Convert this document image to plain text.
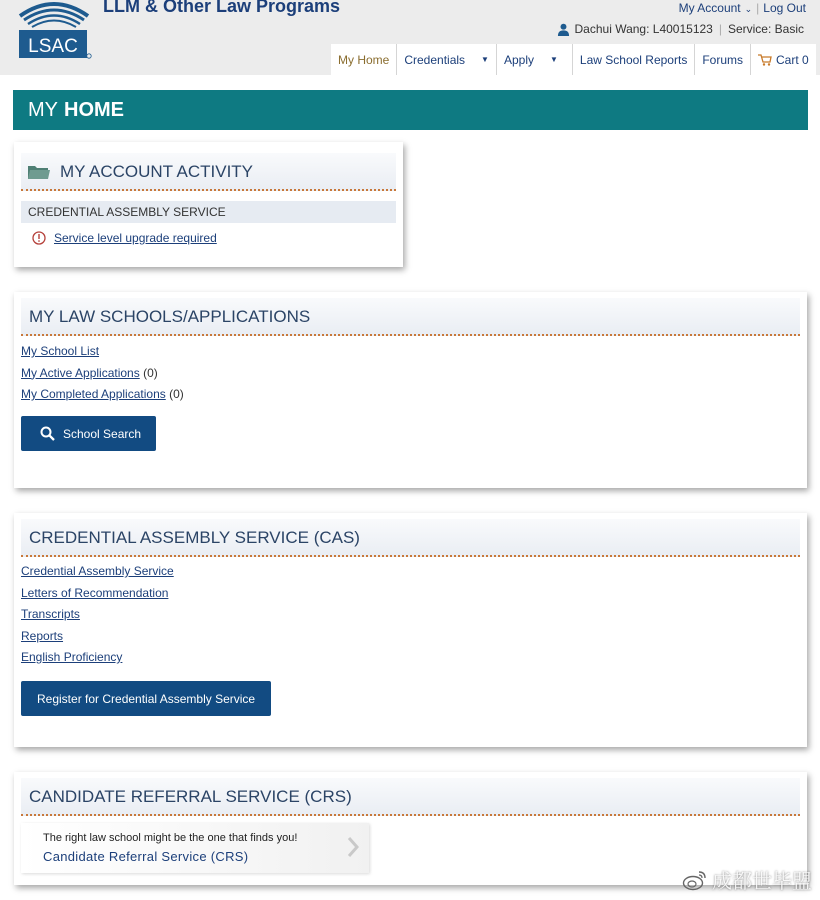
LSAC
LLM & Other Law Programs	My Account ⌄ | Log Out
Dachui Wang: L40015123 | Service: Basic
My Home Credentials ▼ Apply ▼ Law School Reports Forums	Cart 0
MY HOME
MY ACCOUNT ACTIVITY
CREDENTIAL ASSEMBLY SERVICE
Service level upgrade required
MY LAW SCHOOLS/APPLICATIONS
My School List
My Active Applications (0)
My Completed Applications (0)
School Search
CREDENTIAL ASSEMBLY SERVICE (CAS)
Credential Assembly Service
Letters of Recommendation
Transcripts
Reports
English Proficiency
Register for Credential Assembly Service
CANDIDATE REFERRAL SERVICE (CRS)
The right law school might be the one that finds you!
Candidate Referral Service (CRS)
成都世毕盟
